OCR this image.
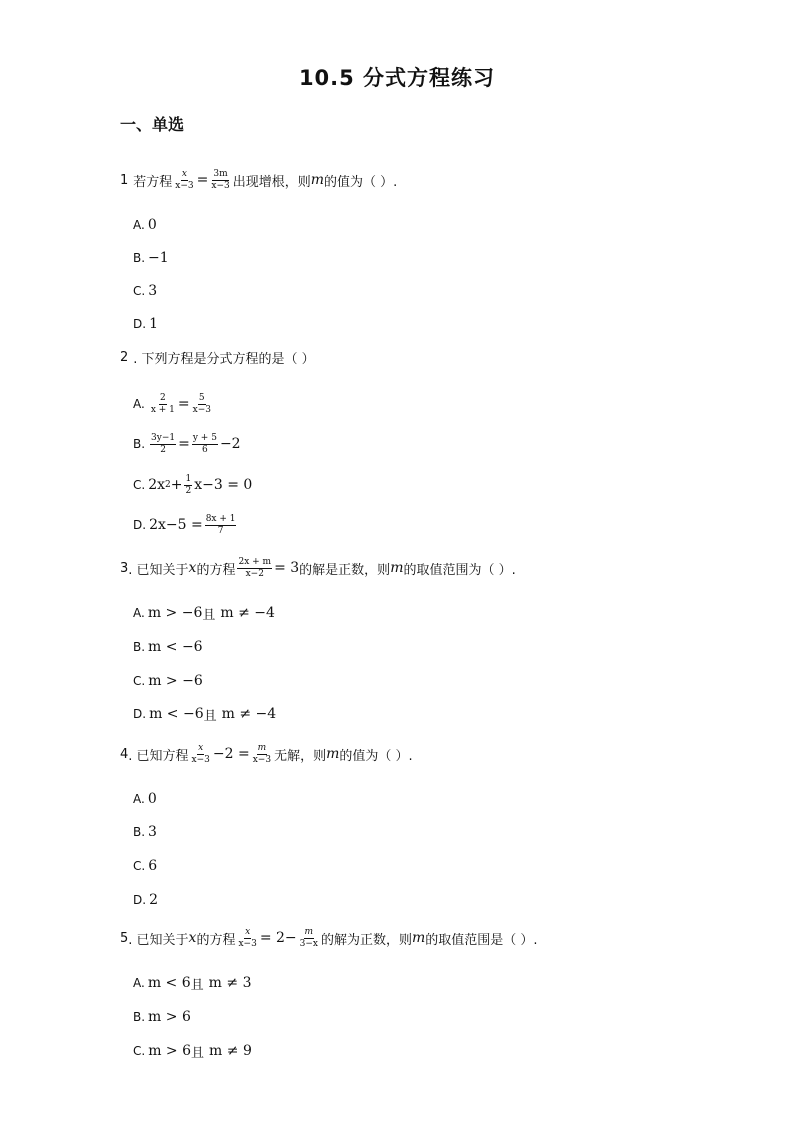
10.5 分式方程练习
一、单选
1 若方程 $\frac{x}{x-3} = \frac{3m}{x-3}$ 出现增根，则 m 的值为（ ）.
A. 0
B. −1
C. 3
D. 1
2 . 下列方程是分式方程的是（ ）
A. $\frac{2}{x + 1} = \frac{5}{x-3}$
B. $\frac{3y-1}{2} = \frac{y + 5}{6} -2$
C. 2x $2 + \frac{1}{2} x-3 = 0$
D. $2x-5 = \frac{8x + 1}{7}$
3 . 已知关于 x 的方程 $\frac{2x + m}{x-2} = 3$ 的解是正数，则 m 的取值范围为（ ）.
A. m > −6 且 m ≠ −4
B. m < −6
C. m > −6
D. m < −6 且 m ≠ −4
4 . 已知方程 $\frac{x}{x-3} -2 = \frac{m}{x-3}$ 无解，则 m 的值为（ ）.
A. 0
B. 3
C. 6
D. 2
5 . 已知关于 x 的方程 $\frac{x}{x-3} = 2- \frac{m}{3-x}$ 的解为正数，则 m 的取值范围是（ ）.
A. m < 6 且 m ≠ 3
B. m > 6
C. m > 6 且 m ≠ 9
